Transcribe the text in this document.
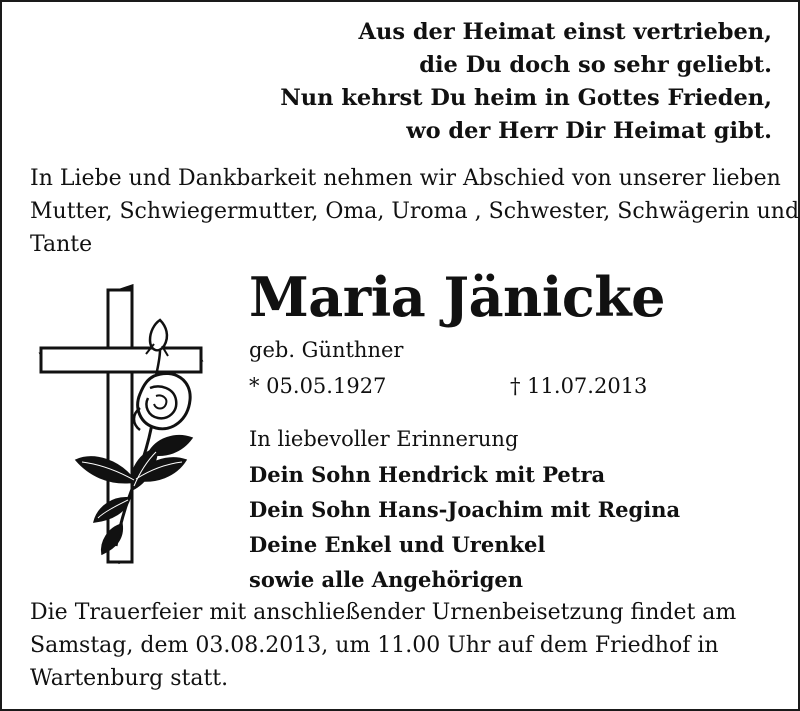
Aus der Heimat einst vertrieben,
die Du doch so sehr geliebt.
Nun kehrst Du heim in Gottes Frieden,
wo der Herr Dir Heimat gibt.
In Liebe und Dankbarkeit nehmen wir Abschied von unserer lieben
Mutter, Schwiegermutter, Oma, Uroma , Schwester, Schwägerin und
Tante
Maria Jänicke
geb. Günthner
* 05.05.1927	† 11.07.2013
In liebevoller Erinnerung
Dein Sohn Hendrick mit Petra
Dein Sohn Hans-Joachim mit Regina
Deine Enkel und Urenkel
sowie alle Angehörigen
Die Trauerfeier mit anschließender Urnenbeisetzung findet am
Samstag, dem 03.08.2013, um 11.00 Uhr auf dem Friedhof in
Wartenburg statt.
